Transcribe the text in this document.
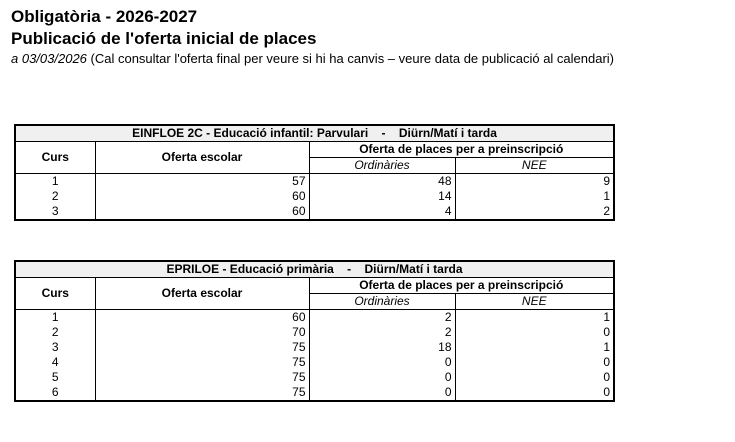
Obligatòria - 2026-2027
Publicació de l'oferta inicial de places
a 03/03/2026 (Cal consultar l'oferta final per veure si hi ha canvis – veure data de publicació al calendari)
EINFLOE 2C - Educació infantil: Parvulari    -    Diürn/Matí i tarda			
Curs	Oferta escolar	Oferta de places per a preinscripció	
		Ordinàries	NEE
1	57	48	9
2	60	14	1
3	60	4	2
EPRILOE - Educació primària    -    Diürn/Matí i tarda			
Curs	Oferta escolar	Oferta de places per a preinscripció	
		Ordinàries	NEE
1	60	2	1
2	70	2	0
3	75	18	1
4	75	0	0
5	75	0	0
6	75	0	0
